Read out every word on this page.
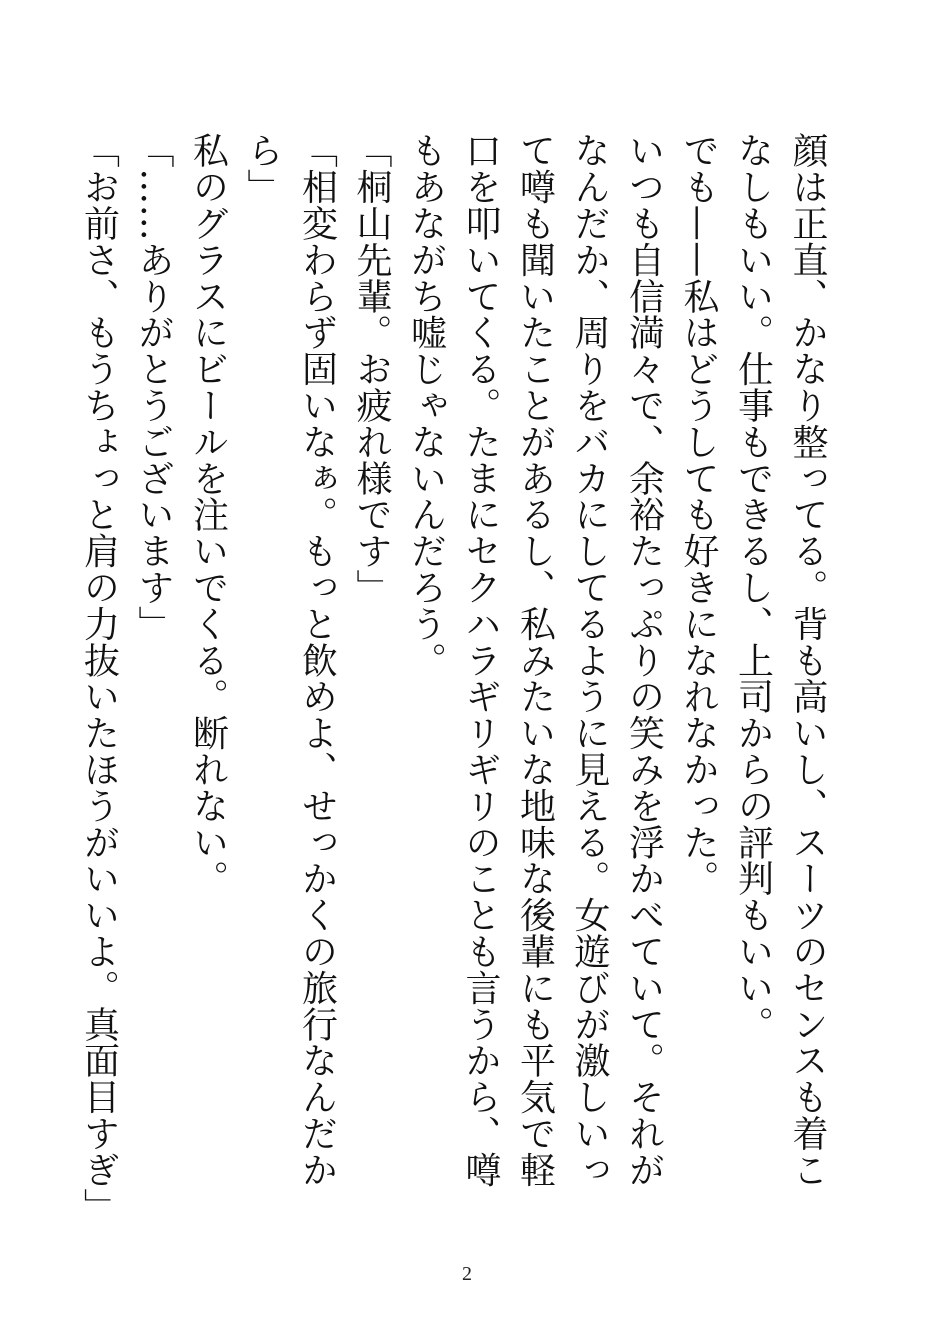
顔は正直、かなり整ってる。背も高いし、スーツのセンスも着こなしもいい。仕事もできるし、上司からの評判もいい。

でも——私はどうしても好きになれなかった。

いつも自信満々で、余裕たっぷりの笑みを浮かべていて。それがなんだか、周りをバカにしてるように見える。女遊びが激しいって噂も聞いたことがあるし、私みたいな地味な後輩にも平気で軽口を叩いてくる。たまにセクハラギリギリのことも言うから、噂もあながち嘘じゃないんだろう。

「桐山先輩。お疲れ様です」

「相変わらず固いなぁ。もっと飲めよ、せっかくの旅行なんだから」

私のグラスにビールを注いでくる。断れない。

「……ありがとうございます」

「お前さ、もうちょっと肩の力抜いたほうがいいよ。真面目すぎ」

2
